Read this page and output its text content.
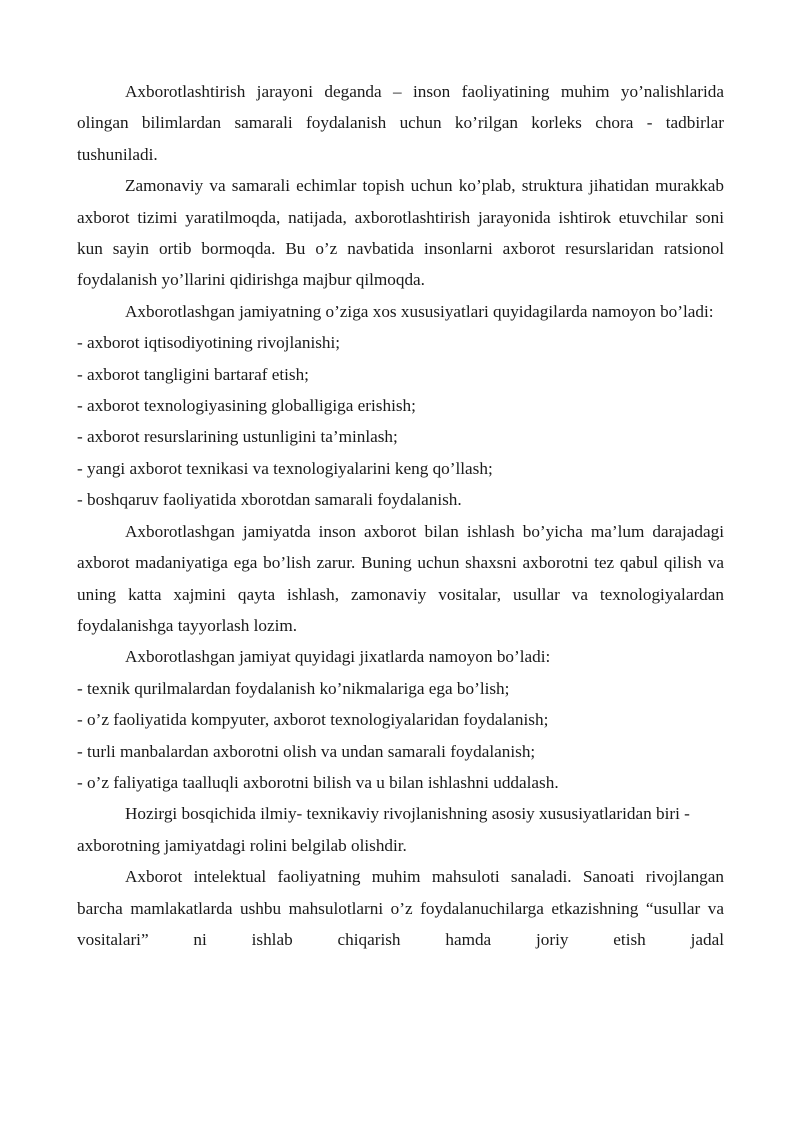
Axborotlashtirish jarayoni deganda – inson faoliyatining muhim yo’nalishlarida olingan bilimlardan samarali foydalanish uchun ko’rilgan korleks chora - tadbirlar tushuniladi.

Zamonaviy va samarali echimlar topish uchun ko’plab, struktura jihatidan murakkab axborot tizimi yaratilmoqda, natijada, axborotlashtirish jarayonida ishtirok etuvchilar soni kun sayin ortib bormoqda. Bu o’z navbatida insonlarni axborot resurslaridan ratsionol foydalanish yo’llarini qidirishga majbur qilmoqda.

Axborotlashgan jamiyatning o’ziga xos xususiyatlari quyidagilarda namoyon bo’ladi:

- axborot iqtisodiyotining rivojlanishi;

- axborot tangligini bartaraf etish;

- axborot texnologiyasining globalligiga erishish;

- axborot resurslarining ustunligini ta’minlash;

- yangi axborot texnikasi va texnologiyalarini keng qo’llash;

- boshqaruv faoliyatida xborotdan samarali foydalanish.

Axborotlashgan jamiyatda inson axborot bilan ishlash bo’yicha ma’lum darajadagi axborot madaniyatiga ega bo’lish zarur. Buning uchun shaxsni axborotni tez qabul qilish va uning katta xajmini qayta ishlash, zamonaviy vositalar, usullar va texnologiyalardan foydalanishga tayyorlash lozim.

Axborotlashgan jamiyat quyidagi jixatlarda namoyon bo’ladi:

- texnik qurilmalardan foydalanish ko’nikmalariga ega bo’lish;

- o’z faoliyatida kompyuter, axborot texnologiyalaridan foydalanish;

- turli manbalardan axborotni olish va undan samarali foydalanish;

- o’z faliyatiga taalluqli axborotni bilish va u bilan ishlashni uddalash.

Hozirgi bosqichida ilmiy- texnikaviy rivojlanishning asosiy xususiyatlaridan biri - axborotning jamiyatdagi rolini belgilab olishdir.

Axborot intelektual faoliyatning muhim mahsuloti sanaladi. Sanoati rivojlangan barcha mamlakatlarda ushbu mahsulotlarni o’z foydalanuchilarga etkazishning “usullar va vositalari” ni ishlab chiqarish hamda joriy etish jadal
